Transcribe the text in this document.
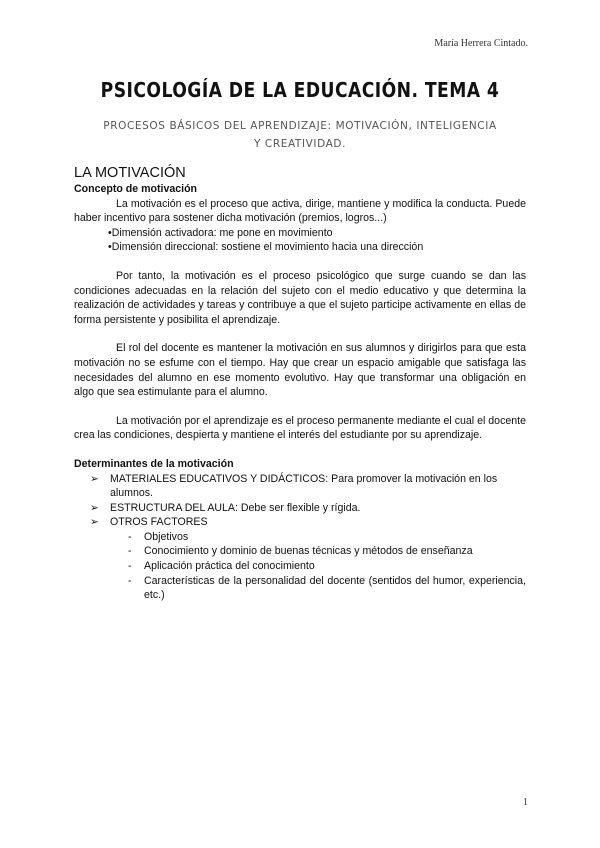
María Herrera Cintado.
PSICOLOGÍA DE LA EDUCACIÓN. TEMA 4
PROCESOS BÁSICOS DEL APRENDIZAJE: MOTIVACIÓN, INTELIGENCIA Y CREATIVIDAD.
LA MOTIVACIÓN
Concepto de motivación

La motivación es el proceso que activa, dirige, mantiene y modifica la conducta. Puede haber incentivo para sostener dicha motivación (premios, logros...)

• Dimensión activadora: me pone en movimiento
• Dimensión direccional: sostiene el movimiento hacia una dirección

Por tanto, la motivación es el proceso psicológico que surge cuando se dan las condiciones adecuadas en la relación del sujeto con el medio educativo y que determina la realización de actividades y tareas y contribuye a que el sujeto participe activamente en ellas de forma persistente y posibilita el aprendizaje.

El rol del docente es mantener la motivación en sus alumnos y dirigirlos para que esta motivación no se esfume con el tiempo. Hay que crear un espacio amigable que satisfaga las necesidades del alumno en ese momento evolutivo. Hay que transformar una obligación en algo que sea estimulante para el alumno.

La motivación por el aprendizaje es el proceso permanente mediante el cual el docente crea las condiciones, despierta y mantiene el interés del estudiante por su aprendizaje.

Determinantes de la motivación
➢ MATERIALES EDUCATIVOS Y DIDÁCTICOS: Para promover la motivación en los alumnos.
➢ ESTRUCTURA DEL AULA: Debe ser flexible y rígida.
➢ OTROS FACTORES
- Objetivos
- Conocimiento y dominio de buenas técnicas y métodos de enseñanza
- Aplicación práctica del conocimiento
- Características de la personalidad del docente (sentidos del humor, experiencia, etc.)
1
